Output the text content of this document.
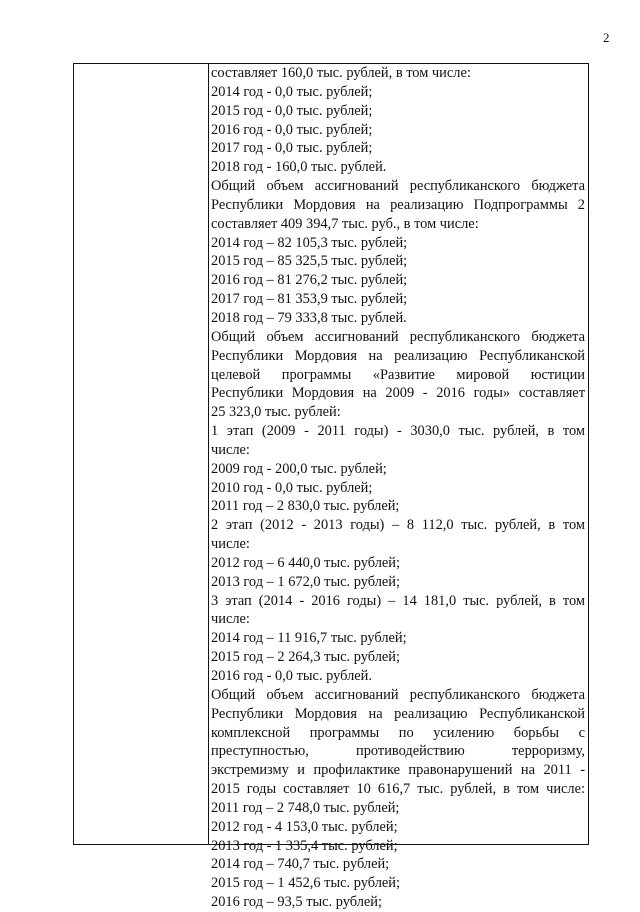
2
составляет 160,0 тыс. рублей, в том числе:
2014 год - 0,0 тыс. рублей;
2015 год - 0,0 тыс. рублей;
2016 год - 0,0 тыс. рублей;
2017 год - 0,0 тыс. рублей;
2018 год - 160,0 тыс. рублей.
Общий объем ассигнований республиканского бюджета
Республики Мордовия на реализацию Подпрограммы 2
составляет 409 394,7 тыс. руб., в том числе:
2014 год – 82 105,3 тыс. рублей;
2015 год – 85 325,5 тыс. рублей;
2016 год – 81 276,2 тыс. рублей;
2017 год – 81 353,9 тыс. рублей;
2018 год – 79 333,8 тыс. рублей.
Общий объем ассигнований республиканского бюджета
Республики Мордовия на реализацию Республиканской
целевой программы «Развитие мировой юстиции
Республики Мордовия на 2009 - 2016 годы» составляет
25 323,0 тыс. рублей:
1 этап (2009 - 2011 годы) - 3030,0 тыс. рублей, в том
числе:
2009 год - 200,0 тыс. рублей;
2010 год - 0,0 тыс. рублей;
2011 год – 2 830,0 тыс. рублей;
2 этап (2012 - 2013 годы) – 8 112,0 тыс. рублей, в том
числе:
2012 год – 6 440,0 тыс. рублей;
2013 год – 1 672,0 тыс. рублей;
3 этап (2014 - 2016 годы) – 14 181,0 тыс. рублей, в том
числе:
2014 год – 11 916,7 тыс. рублей;
2015 год – 2 264,3 тыс. рублей;
2016 год - 0,0 тыс. рублей.
Общий объем ассигнований республиканского бюджета
Республики Мордовия на реализацию Республиканской
комплексной программы по усилению борьбы с
преступностью, противодействию терроризму,
экстремизму и профилактике правонарушений на 2011 -
2015 годы составляет 10 616,7 тыс. рублей, в том числе:
2011 год – 2 748,0 тыс. рублей;
2012 год - 4 153,0 тыс. рублей;
2013 год - 1 335,4 тыс. рублей;
2014 год – 740,7 тыс. рублей;
2015 год – 1 452,6 тыс. рублей;
2016 год – 93,5 тыс. рублей;
